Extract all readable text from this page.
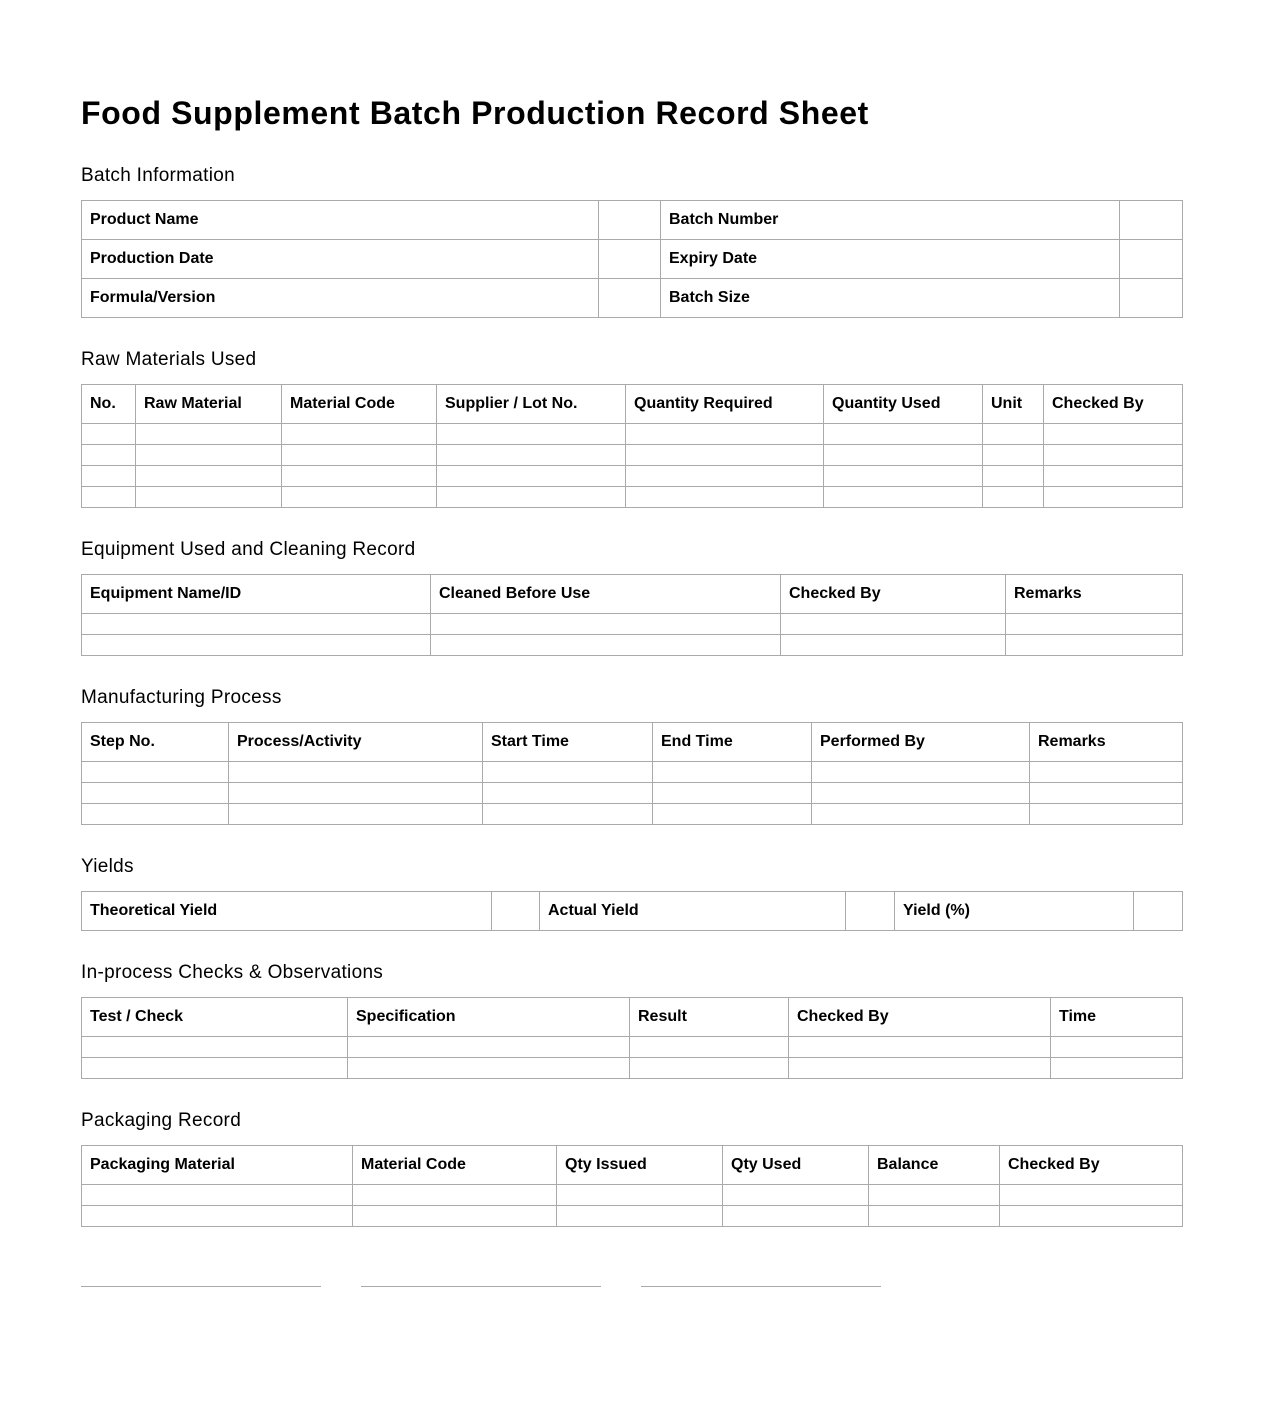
Food Supplement Batch Production Record Sheet
Batch Information
Product Name		Batch Number	
Production Date		Expiry Date	
Formula/Version		Batch Size	
Raw Materials Used
No.	Raw Material	Material Code	Supplier / Lot No.	Quantity Required	Quantity Used	Unit	Checked By

Equipment Used and Cleaning Record
Equipment Name/ID	Cleaned Before Use	Checked By	Remarks

Manufacturing Process
Step No.	Process/Activity	Start Time	End Time	Performed By	Remarks

Yields
Theoretical Yield		Actual Yield		Yield (%)	
In-process Checks & Observations
Test / Check	Specification	Result	Checked By	Time

Packaging Record
Packaging Material	Material Code	Qty Issued	Qty Used	Balance	Checked By
